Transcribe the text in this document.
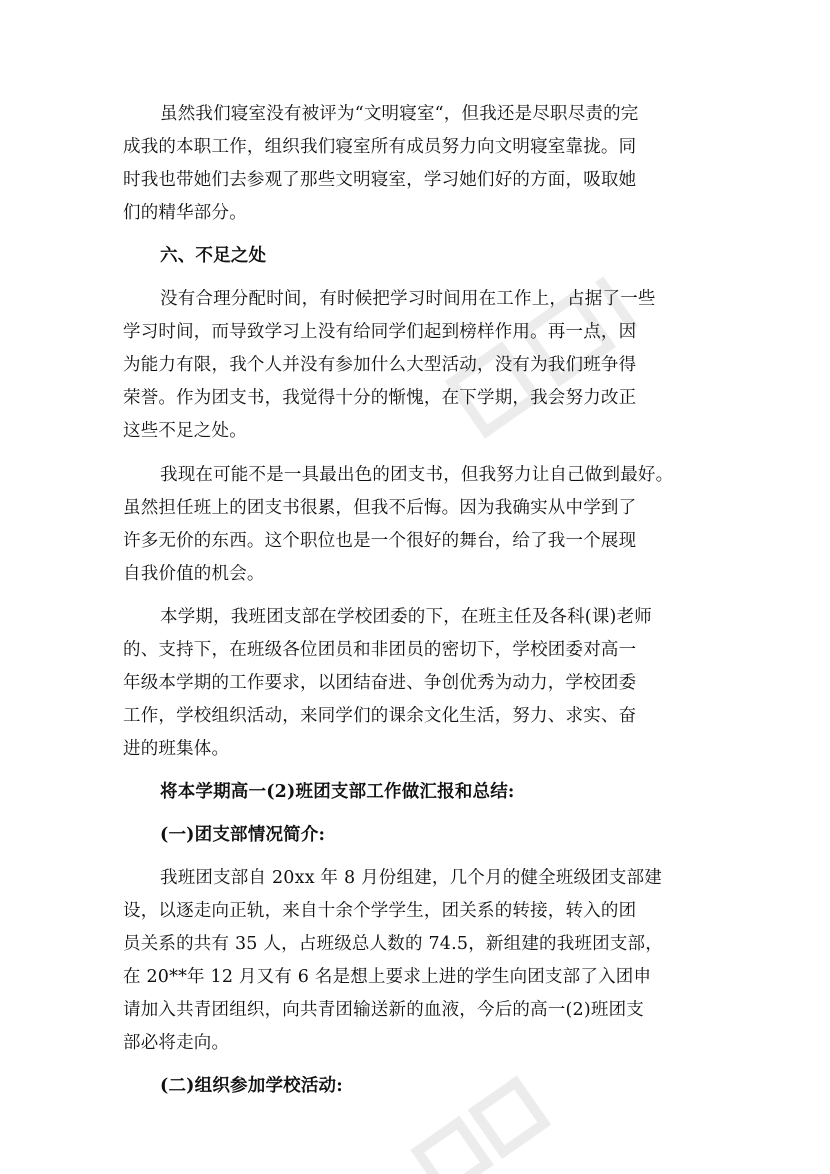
虽然我们寝室没有被评为“文明寝室“，但我还是尽职尽责的完

成我的本职工作，组织我们寝室所有成员努力向文明寝室靠拢。同

时我也带她们去参观了那些文明寝室，学习她们好的方面，吸取她

们的精华部分。

六、不足之处

没有合理分配时间，有时候把学习时间用在工作上，占据了一些

学习时间，而导致学习上没有给同学们起到榜样作用。再一点，因

为能力有限，我个人并没有参加什么大型活动，没有为我们班争得

荣誉。作为团支书，我觉得十分的惭愧，在下学期，我会努力改正

这些不足之处。

我现在可能不是一具最出色的团支书，但我努力让自己做到最好。

虽然担任班上的团支书很累，但我不后悔。因为我确实从中学到了

许多无价的东西。这个职位也是一个很好的舞台，给了我一个展现

自我价值的机会。

本学期，我班团支部在学校团委的下，在班主任及各科(课)老师

的、支持下，在班级各位团员和非团员的密切下，学校团委对高一

年级本学期的工作要求，以团结奋进、争创优秀为动力，学校团委

工作，学校组织活动，来同学们的课余文化生活，努力、求实、奋

进的班集体。

将本学期高一(2)班团支部工作做汇报和总结:

(一)团支部情况简介:

我班团支部自 20xx 年 8 月份组建，几个月的健全班级团支部建

设，以逐走向正轨，来自十余个学学生，团关系的转接，转入的团

员关系的共有 35 人，占班级总人数的 74.5，新组建的我班团支部，

在 20**年 12 月又有 6 名是想上要求上进的学生向团支部了入团申

请加入共青团组织，向共青团输送新的血液，今后的高一(2)班团支

部必将走向。

(二)组织参加学校活动:
